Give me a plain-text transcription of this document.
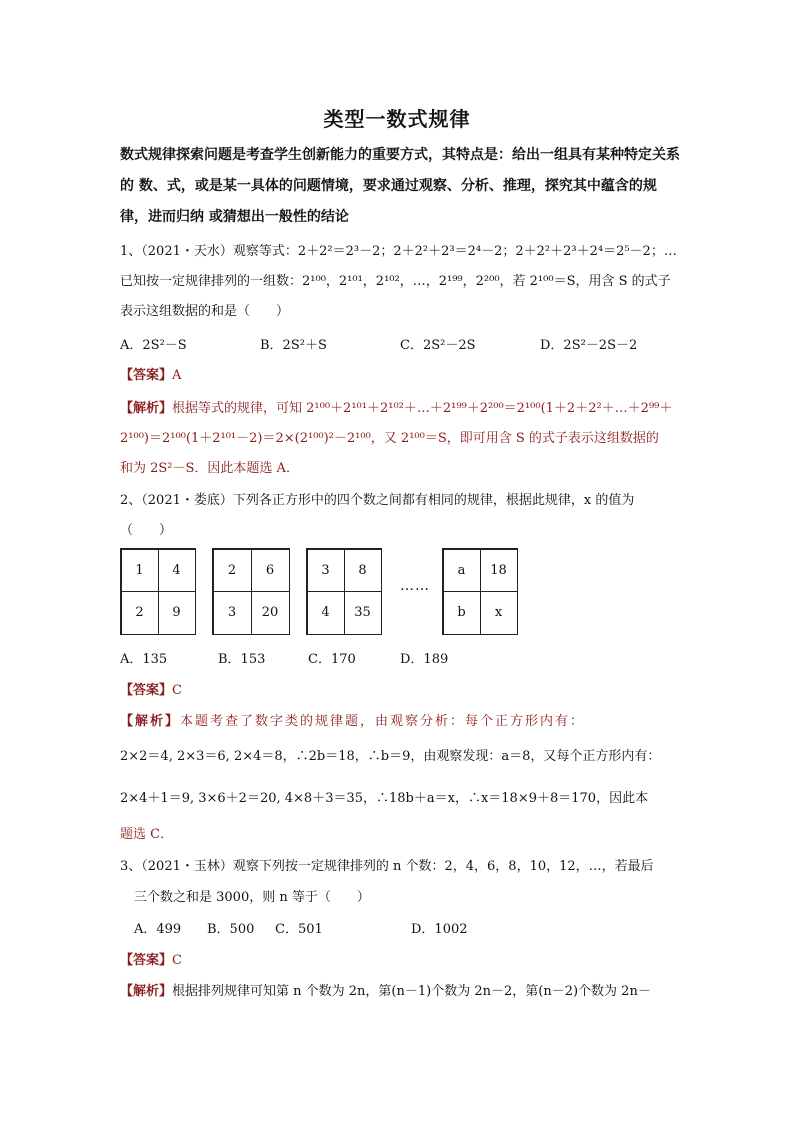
类型一数式规律
数式规律探索问题是考查学生创新能力的重要方式，其特点是：给出一组具有某种特定关系的 数、式，或是某一具体的问题情境，要求通过观察、分析、推理，探究其中蕴含的规律，进而归纳 或猜想出一般性的结论
1、（2021・天水）观察等式：2＋2²＝2³－2；2＋2²＋2³＝2⁴－2；2＋2²＋2³＋2⁴＝2⁵－2；…
已知按一定规律排列的一组数：2¹⁰⁰，2¹⁰¹，2¹⁰²，…，2¹⁹⁹，2²⁰⁰，若 2¹⁰⁰＝S，用含 S 的式子
表示这组数据的和是（　　）
A．2S²－S	B．2S²＋S	C．2S²－2S	D．2S²－2S－2
【答案】A
【解析】根据等式的规律，可知 2¹⁰⁰＋2¹⁰¹＋2¹⁰²＋…＋2¹⁹⁹＋2²⁰⁰＝2¹⁰⁰(1＋2＋2²＋…＋2⁹⁹＋
2¹⁰⁰)＝2¹⁰⁰(1＋2¹⁰¹－2)＝2×(2¹⁰⁰)²－2¹⁰⁰，又 2¹⁰⁰＝S，即可用含 S 的式子表示这组数据的
和为 2S²－S．因此本题选 A．
2、（2021・娄底）下列各正方形中的四个数之间都有相同的规律，根据此规律，x 的值为
（　　）
1	4
2	9
2	6
3	20
3	8
4	35
……
a	18
b	x
A．135	B．153	C．170	D．189
【答案】C
【解析】本题考查了数字类的规律题，由观察分析：每个正方形内有：
2×2＝4, 2×3＝6, 2×4＝8，∴2b＝18，∴b＝9，由观察发现：a＝8，又每个正方形内有：
2×4＋1＝9, 3×6＋2＝20, 4×8＋3＝35，∴18b＋a＝x，∴x＝18×9＋8＝170，因此本
题选 C．
3、（2021・玉林）观察下列按一定规律排列的 n 个数：2，4，6，8，10，12，…，若最后
三个数之和是 3000，则 n 等于（　　）
A．499 B．500 C．501	D．1002
【答案】C
【解析】根据排列规律可知第 n 个数为 2n，第(n－1)个数为 2n－2，第(n－2)个数为 2n－
